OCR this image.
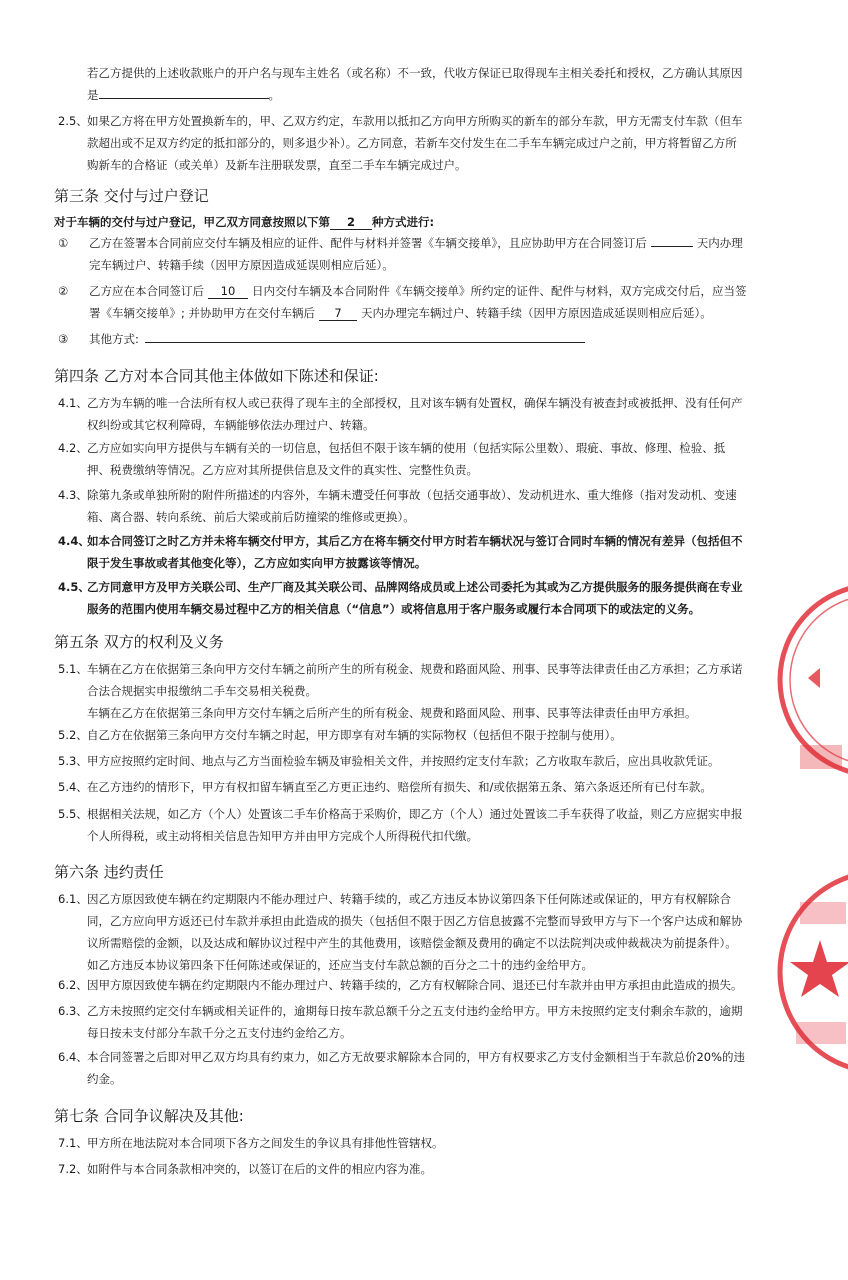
若乙方提供的上述收款账户的开户名与现车主姓名（或名称）不一致，代收方保证已取得现车主相关委托和授权，乙方确认其原因
是	。
2.5、 如果乙方将在甲方处置换新车的，甲、乙双方约定，车款用以抵扣乙方向甲方所购买的新车的部分车款，甲方无需支付车款（但车
款超出或不足双方约定的抵扣部分的，则多退少补）。乙方同意，若新车交付发生在二手车车辆完成过户之前，甲方将暂留乙方所
购新车的合格证（或关单）及新车注册联发票，直至二手车车辆完成过户。
第三条 交付与过户登记
对于车辆的交付与过户登记，甲乙双方同意按照以下第 2 种方式进行:
① 乙方在签署本合同前应交付车辆及相应的证件、配件与材料并签署《车辆交接单》，且应协助甲方在合同签订后	天内办理
完车辆过户、转籍手续（因甲方原因造成延误则相应后延）。
② 乙方应在本合同签订后 10 日内交付车辆及本合同附件《车辆交接单》所约定的证件、配件与材料，双方完成交付后，应当签
署《车辆交接单》; 并协助甲方在交付车辆后 7 天内办理完车辆过户、转籍手续（因甲方原因造成延误则相应后延）。
③ 其他方式:
第四条 乙方对本合同其他主体做如下陈述和保证:
4.1、 乙方为车辆的唯一合法所有权人或已获得了现车主的全部授权，且对该车辆有处置权，确保车辆没有被查封或被抵押、没有任何产
权纠纷或其它权利障碍，车辆能够依法办理过户、转籍。
4.2、 乙方应如实向甲方提供与车辆有关的一切信息，包括但不限于该车辆的使用（包括实际公里数）、瑕疵、事故、修理、检验、抵
押、税费缴纳等情况。乙方应对其所提供信息及文件的真实性、完整性负责。
4.3、 除第九条或单独所附的附件所描述的内容外，车辆未遭受任何事故（包括交通事故）、发动机进水、重大维修（指对发动机、变速
箱、离合器、转向系统、前后大梁或前后防撞梁的维修或更换）。
4.4、
如本合同签订之时乙方并未将车辆交付甲方，其后乙方在将车辆交付甲方时若车辆状况与签订合同时车辆的情况有差异（包括但不
限于发生事故或者其他变化等），乙方应如实向甲方披露该等情况。
4.5、
乙方同意甲方及甲方关联公司、生产厂商及其关联公司、品牌网络成员或上述公司委托为其或为乙方提供服务的服务提供商在专业
服务的范围内使用车辆交易过程中乙方的相关信息（“信息”）或将信息用于客户服务或履行本合同项下的或法定的义务。
第五条 双方的权利及义务
5.1、 车辆在乙方在依据第三条向甲方交付车辆之前所产生的所有税金、规费和路面风险、刑事、民事等法律责任由乙方承担；乙方承诺
合法合规据实申报缴纳二手车交易相关税费。
车辆在乙方在依据第三条向甲方交付车辆之后所产生的所有税金、规费和路面风险、刑事、民事等法律责任由甲方承担。
5.2、 自乙方在依据第三条向甲方交付车辆之时起，甲方即享有对车辆的实际物权（包括但不限于控制与使用）。
5.3、 甲方应按照约定时间、地点与乙方当面检验车辆及审验相关文件，并按照约定支付车款；乙方收取车款后，应出具收款凭证。
5.4、 在乙方违约的情形下，甲方有权扣留车辆直至乙方更正违约、赔偿所有损失、和/或依据第五条、第六条返还所有已付车款。
5.5、 根据相关法规，如乙方（个人）处置该二手车价格高于采购价，即乙方（个人）通过处置该二手车获得了收益，则乙方应据实申报
个人所得税，或主动将相关信息告知甲方并由甲方完成个人所得税代扣代缴。
第六条 违约责任
6.1、 因乙方原因致使车辆在约定期限内不能办理过户、转籍手续的，或乙方违反本协议第四条下任何陈述或保证的，甲方有权解除合
同，乙方应向甲方返还已付车款并承担由此造成的损失（包括但不限于因乙方信息披露不完整而导致甲方与下一个客户达成和解协
议所需赔偿的金额，以及达成和解协议过程中产生的其他费用，该赔偿金额及费用的确定不以法院判决或仲裁裁决为前提条件）。
如乙方违反本协议第四条下任何陈述或保证的，还应当支付车款总额的百分之二十的违约金给甲方。
6.2、 因甲方原因致使车辆在约定期限内不能办理过户、转籍手续的，乙方有权解除合同、退还已付车款并由甲方承担由此造成的损失。
6.3、 乙方未按照约定交付车辆或相关证件的，逾期每日按车款总额千分之五支付违约金给甲方。甲方未按照约定支付剩余车款的，逾期
每日按未支付部分车款千分之五支付违约金给乙方。
6.4、 本合同签署之后即对甲乙双方均具有约束力，如乙方无故要求解除本合同的，甲方有权要求乙方支付金额相当于车款总价20%的违
约金。
第七条 合同争议解决及其他:
7.1、 甲方所在地法院对本合同项下各方之间发生的争议具有排他性管辖权。
7.2、 如附件与本合同条款相冲突的，以签订在后的文件的相应内容为准。
